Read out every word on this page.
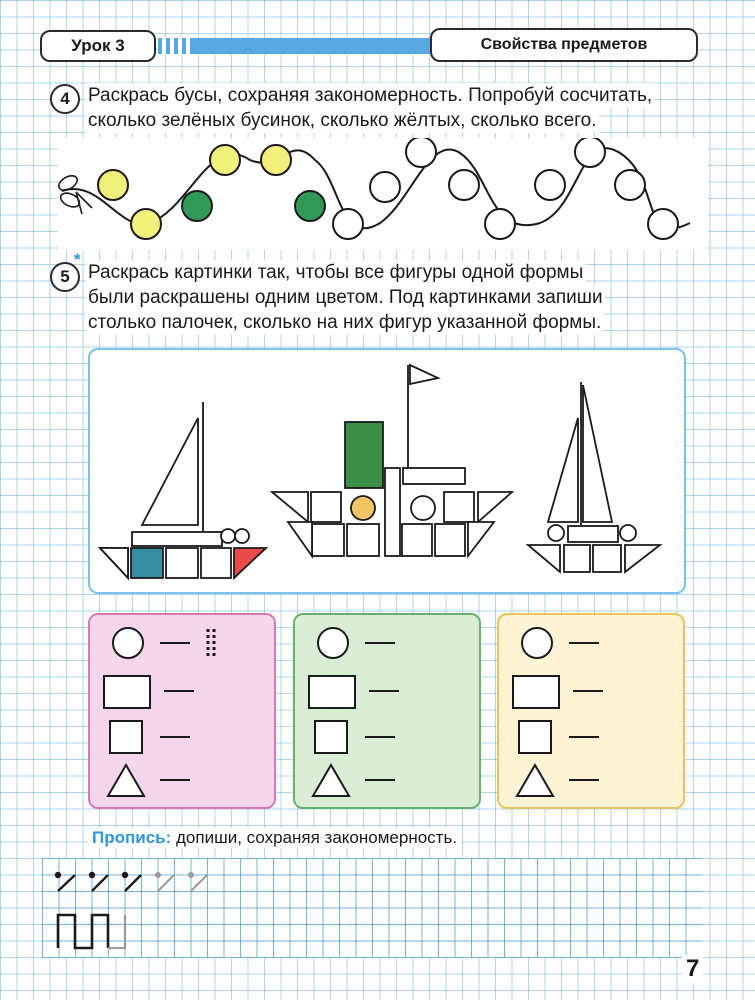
Урок 3	Свойства предметов
4 Раскрась бусы, сохраняя закономерность. Попробуй сосчитать,
сколько зелёных бусинок, сколько жёлтых, сколько всего.
5
*
Раскрась картинки так, чтобы все фигуры одной формы
были раскрашены одним цветом. Под картинками запиши
столько палочек, сколько на них фигур указанной формы.
Пропись: допиши, сохраняя закономерность.
7
